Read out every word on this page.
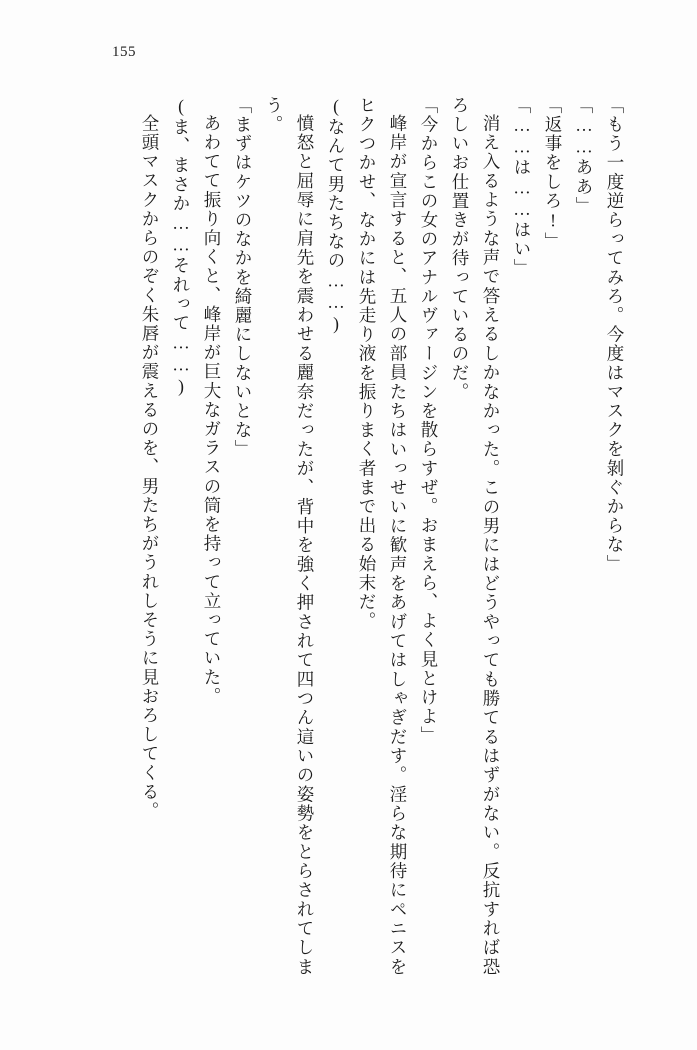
155

「もう一度逆らってみろ。今度はマスクを剝ぐからな」

「……ああ」

「返事をしろ!」

「……は……はい」

消え入るような声で答えるしかなかった。この男にはどうやっても勝てるはずがない。反抗すれば恐ろしいお仕置きが待っているのだ。

「今からこの女のアナルヴァージンを散らすぜ。おまえら、よく見とけよ」

峰岸が宣言すると、五人の部員たちはいっせいに歓声をあげてはしゃぎだす。淫らな期待にペニスをヒクつかせ、なかには先走り液を振りまく者まで出る始末だ。

(なんて男たちなの……)

憤怒と屈辱に肩先を震わせる麗奈だったが、背中を強く押されて四つん這いの姿勢をとらされてしまう。

「まずはケツのなかを綺麗にしないとな」

あわてて振り向くと、峰岸が巨大なガラスの筒を持って立っていた。

(ま、まさか……それって……)

全頭マスクからのぞく朱唇が震えるのを、男たちがうれしそうに見おろしてくる。
